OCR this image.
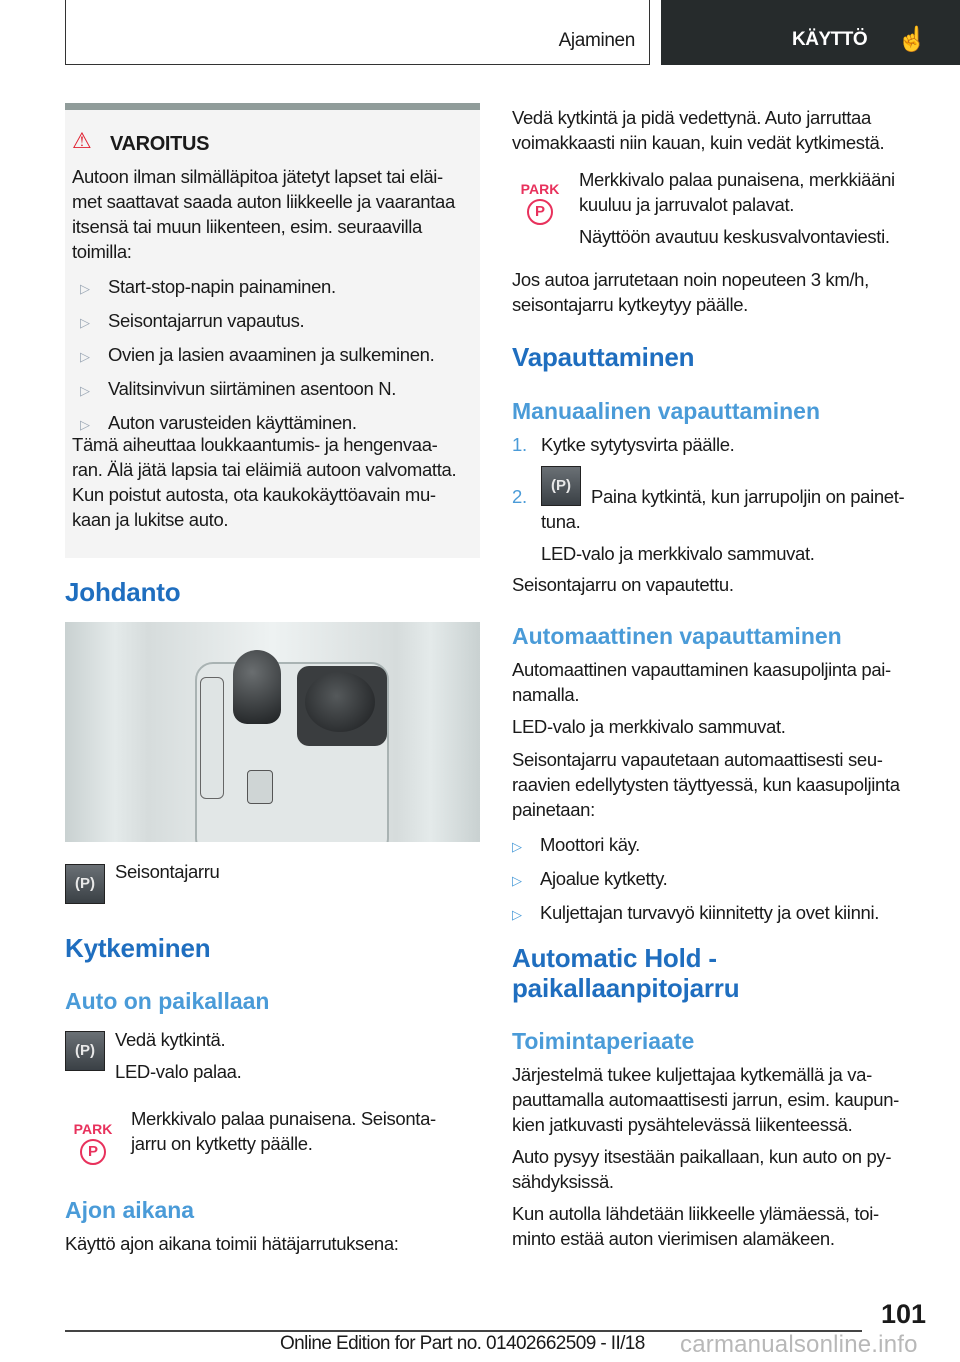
Ajaminen	KÄYTTÖ ☝
⚠ VAROITUS
Autoon ilman silmälläpitoa jätetyt lapset tai eläi-
met saattavat saada auton liikkeelle ja vaarantaa
itsensä tai muun liikenteen, esim. seuraavilla
toimilla:
▷ Start-stop-napin painaminen.
▷ Seisontajarrun vapautus.
▷ Ovien ja lasien avaaminen ja sulkeminen.
▷ Valitsinvivun siirtäminen asentoon N.
▷ Auton varusteiden käyttäminen.
Tämä aiheuttaa loukkaantumis- ja hengenvaa-
ran. Älä jätä lapsia tai eläimiä autoon valvomatta.
Kun poistut autosta, ota kaukokäyttöavain mu-
kaan ja lukitse auto.
Johdanto
(P)
Seisontajarru
Kytkeminen
Auto on paikallaan
(P)
Vedä kytkintä.
LED-valo palaa.
PARK
P
Merkkivalo palaa punaisena. Seisonta-
jarru on kytketty päälle.
Ajon aikana
Käyttö ajon aikana toimii hätäjarrutuksena:
Vedä kytkintä ja pidä vedettynä. Auto jarruttaa
voimakkaasti niin kauan, kuin vedät kytkimestä.
PARK
P
Merkkivalo palaa punaisena, merkkiääni
kuuluu ja jarruvalot palavat.
Näyttöön avautuu keskusvalvontaviesti.
Jos autoa jarrutetaan noin nopeuteen 3 km/h,
seisontajarru kytkeytyy päälle.
Vapauttaminen
Manuaalinen vapauttaminen
1. Kytke sytytysvirta päälle.
(P)
2.	Paina kytkintä, kun jarrupoljin on painet-
tuna.
LED-valo ja merkkivalo sammuvat.
Seisontajarru on vapautettu.
Automaattinen vapauttaminen
Automaattinen vapauttaminen kaasupoljinta pai-
namalla.
LED-valo ja merkkivalo sammuvat.
Seisontajarru vapautetaan automaattisesti seu-
raavien edellytysten täyttyessä, kun kaasupoljinta
painetaan:
▷ Moottori käy.
▷ Ajoalue kytketty.
▷ Kuljettajan turvavyö kiinnitetty ja ovet kiinni.
Automatic Hold -
paikallaanpitojarru
Toimintaperiaate
Järjestelmä tukee kuljettajaa kytkemällä ja va-
pauttamalla automaattisesti jarrun, esim. kaupun-
kien jatkuvasti pysähtelevässä liikenteessä.
Auto pysyy itsestään paikallaan, kun auto on py-
sähdyksissä.
Kun autolla lähdetään liikkeelle ylämäessä, toi-
minto estää auton vierimisen alamäkeen.
101
Online Edition for Part no. 01402662509 - II/18 carmanualsonline.info
